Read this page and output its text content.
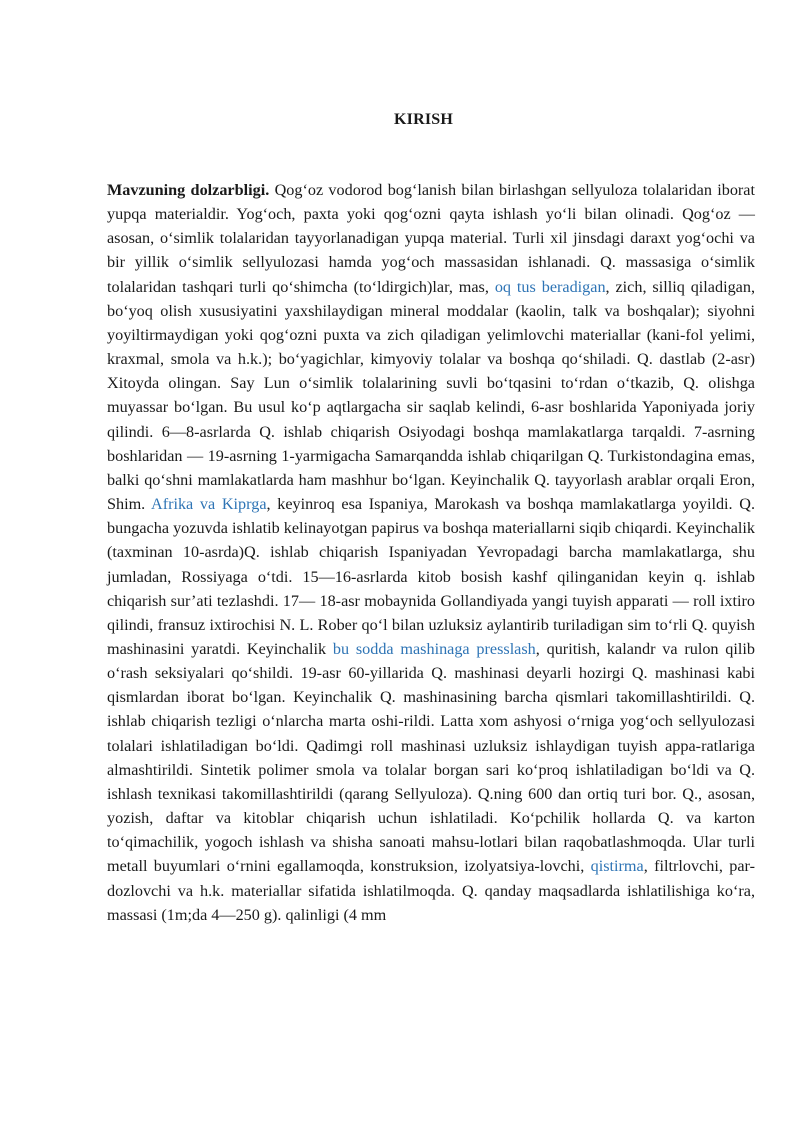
KIRISH

Mavzuning dolzarbligi. Qog‘oz vodorod bog‘lanish bilan birlashgan sellyuloza tolalaridan iborat yupqa materialdir. Yog‘och, paxta yoki qog‘ozni qayta ishlash yo‘li bilan olinadi. Qog‘oz — asosan, o‘simlik tolalaridan tayyorlanadigan yupqa material. Turli xil jinsdagi daraxt yog‘ochi va bir yillik o‘simlik sellyulozasi hamda yog‘och massasidan ishlanadi. Q. massasiga o‘simlik tolalaridan tashqari turli qo‘shimcha (to‘ldirgich)lar, mas, oq tus beradigan, zich, silliq qiladigan, bo‘yoq olish xususiyatini yaxshilaydigan mineral moddalar (kaolin, talk va boshqalar); siyohni yoyiltirmaydigan yoki qog‘ozni puxta va zich qiladigan yelimlovchi materiallar (kani-fol yelimi, kraxmal, smola va h.k.); bo‘yagichlar, kimyoviy tolalar va boshqa qo‘shiladi. Q. dastlab (2-asr) Xitoyda olingan. Say Lun o‘simlik tolalarining suvli bo‘tqasini to‘rdan o‘tkazib, Q. olishga muyassar bo‘lgan. Bu usul ko‘p aqtlargacha sir saqlab kelindi, 6-asr boshlarida Yaponiyada joriy qilindi. 6—8-asrlarda Q. ishlab chiqarish Osiyodagi boshqa mamlakatlarga tarqaldi. 7-asrning boshlaridan — 19-asrning 1-yarmigacha Samarqandda ishlab chiqarilgan Q. Turkistondagina emas, balki qo‘shni mamlakatlarda ham mashhur bo‘lgan. Keyinchalik Q. tayyorlash arablar orqali Eron, Shim. Afrika va Kiprga, keyinroq esa Ispaniya, Marokash va boshqa mamlakatlarga yoyildi. Q. bungacha yozuvda ishlatib kelinayotgan papirus va boshqa materiallarni siqib chiqardi. Keyinchalik (taxminan 10-asrda)Q. ishlab chiqarish Ispaniyadan Yevropadagi barcha mamlakatlarga, shu jumladan, Rossiyaga o‘tdi. 15—16-asrlarda kitob bosish kashf qilinganidan keyin q. ishlab chiqarish sur’ati tezlashdi. 17— 18-asr mobaynida Gollandiyada yangi tuyish apparati — roll ixtiro qilindi, fransuz ixtirochisi N. L. Rober qo‘l bilan uzluksiz aylantirib turiladigan sim to‘rli Q. quyish mashinasini yaratdi. Keyinchalik bu sodda mashinaga presslash, quritish, kalandr va rulon qilib o‘rash seksiyalari qo‘shildi. 19-asr 60-yillarida Q. mashinasi deyarli hozirgi Q. mashinasi kabi qismlardan iborat bo‘lgan. Keyinchalik Q. mashinasining barcha qismlari takomillashtirildi. Q. ishlab chiqarish tezligi o‘nlarcha marta oshi-rildi. Latta xom ashyosi o‘rniga yog‘och sellyulozasi tolalari ishlatiladigan bo‘ldi. Qadimgi roll mashinasi uzluksiz ishlaydigan tuyish appa-ratlariga almashtirildi. Sintetik polimer smola va tolalar borgan sari ko‘proq ishlatiladigan bo‘ldi va Q. ishlash texnikasi takomillashtirildi (qarang Sellyuloza). Q.ning 600 dan ortiq turi bor. Q., asosan, yozish, daftar va kitoblar chiqarish uchun ishlatiladi. Ko‘pchilik hollarda Q. va karton to‘qimachilik, yogoch ishlash va shisha sanoati mahsu-lotlari bilan raqobatlashmoqda. Ular turli metall buyumlari o‘rnini egallamoqda, konstruksion, izolyatsiya-lovchi, qistirma, filtrlovchi, par-dozlovchi va h.k. materiallar sifatida ishlatilmoqda. Q. qanday maqsadlarda ishlatilishiga ko‘ra, massasi (1m;da 4—250 g). qalinligi (4 mm
